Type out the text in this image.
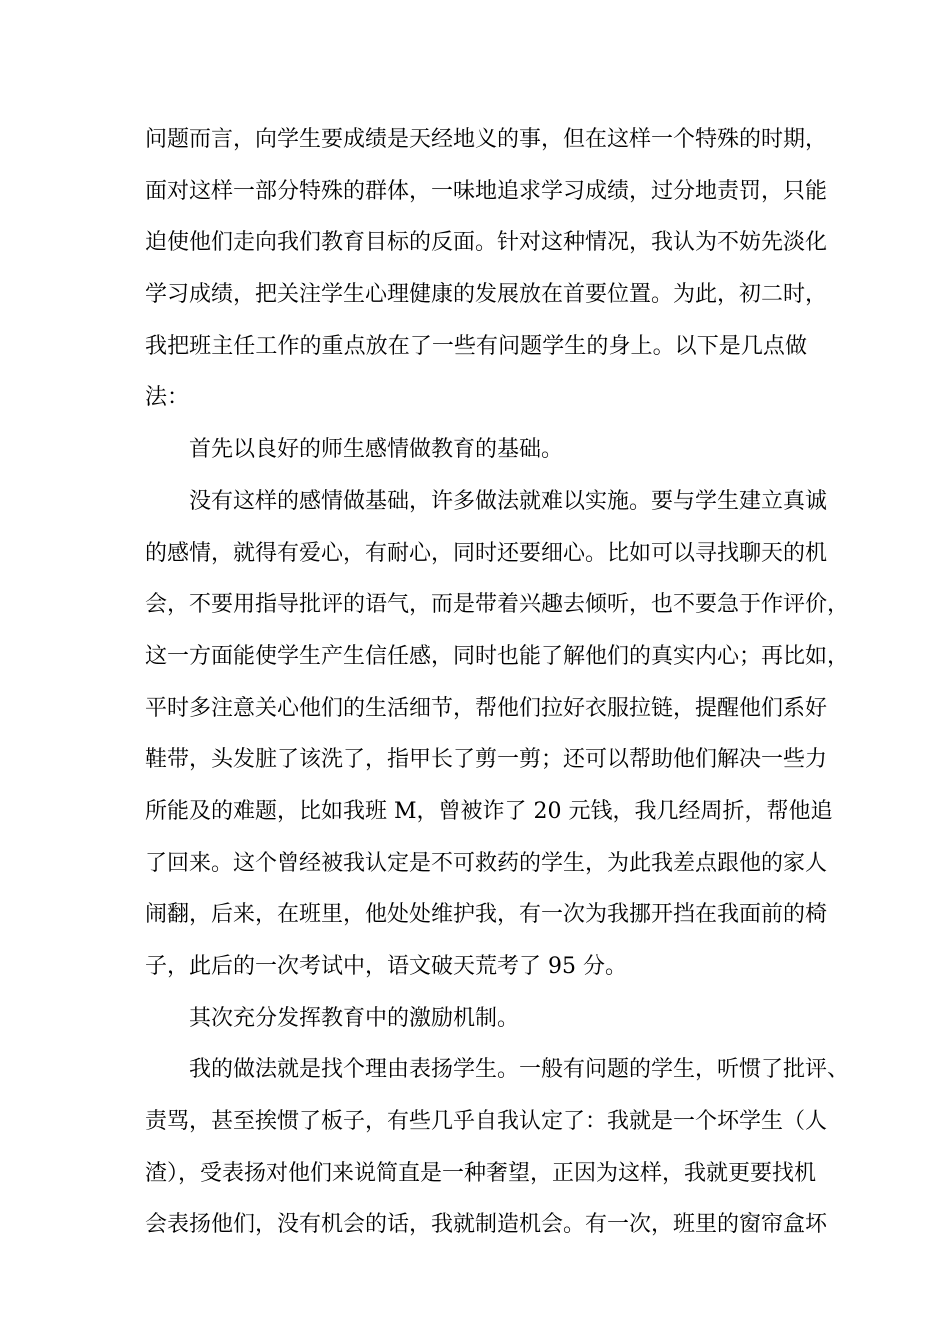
问题而言，向学生要成绩是天经地义的事，但在这样一个特殊的时期，
面对这样一部分特殊的群体，一味地追求学习成绩，过分地责罚，只能
迫使他们走向我们教育目标的反面。针对这种情况，我认为不妨先淡化
学习成绩，把关注学生心理健康的发展放在首要位置。为此，初二时，
我把班主任工作的重点放在了一些有问题学生的身上。以下是几点做
法：
首先以良好的师生感情做教育的基础。
没有这样的感情做基础，许多做法就难以实施。要与学生建立真诚
的感情，就得有爱心，有耐心，同时还要细心。比如可以寻找聊天的机
会，不要用指导批评的语气，而是带着兴趣去倾听，也不要急于作评价，
这一方面能使学生产生信任感，同时也能了解他们的真实内心；再比如，
平时多注意关心他们的生活细节，帮他们拉好衣服拉链，提醒他们系好
鞋带，头发脏了该洗了，指甲长了剪一剪；还可以帮助他们解决一些力
所能及的难题，比如我班 M，曾被诈了 20 元钱，我几经周折，帮他追
了回来。这个曾经被我认定是不可救药的学生，为此我差点跟他的家人
闹翻，后来，在班里，他处处维护我，有一次为我挪开挡在我面前的椅
子，此后的一次考试中，语文破天荒考了 95 分。
其次充分发挥教育中的激励机制。
我的做法就是找个理由表扬学生。一般有问题的学生，听惯了批评、
责骂，甚至挨惯了板子，有些几乎自我认定了：我就是一个坏学生（人
渣），受表扬对他们来说简直是一种奢望，正因为这样，我就更要找机
会表扬他们，没有机会的话，我就制造机会。有一次，班里的窗帘盒坏
